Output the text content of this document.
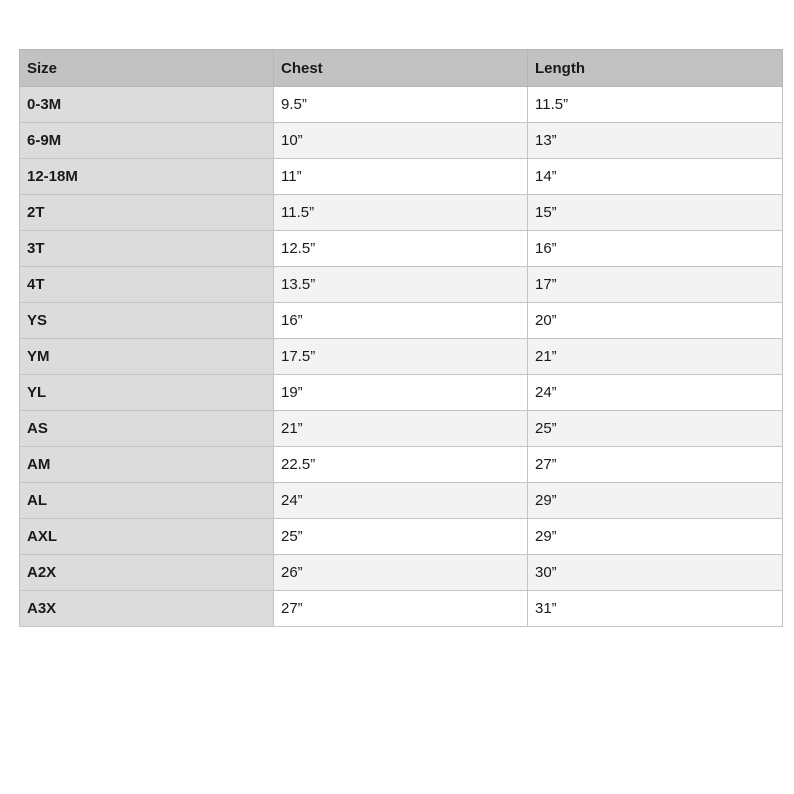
Size	Chest	Length
0-3M	9.5”	11.5”
6-9M	10”	13”
12-18M	11”	14”
2T	11.5”	15”
3T	12.5”	16”
4T	13.5”	17”
YS	16”	20”
YM	17.5”	21”
YL	19”	24”
AS	21”	25”
AM	22.5”	27”
AL	24”	29”
AXL	25”	29”
A2X	26”	30”
A3X	27”	31”
